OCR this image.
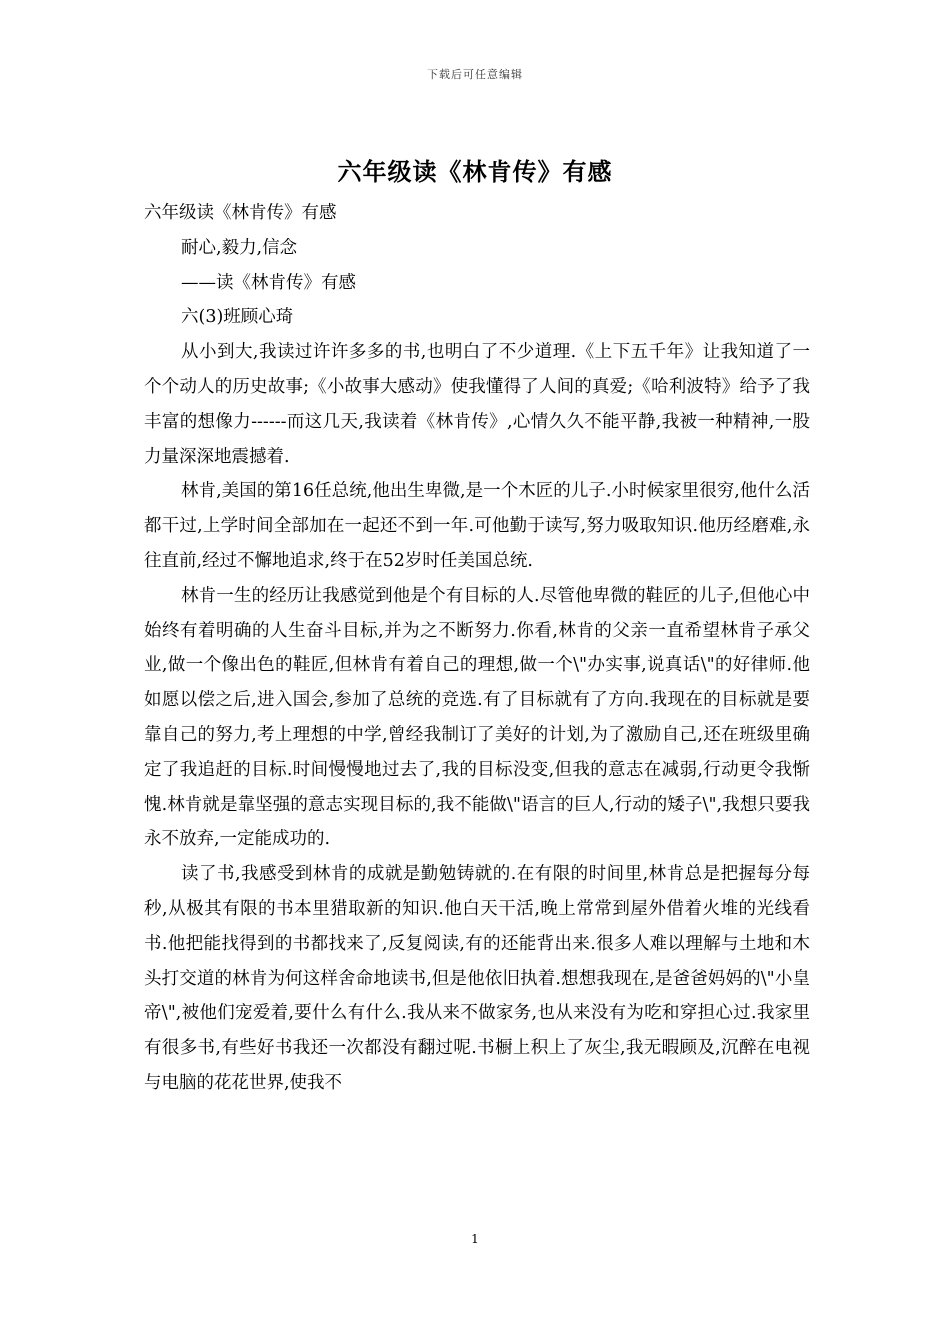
下载后可任意编辑
六年级读《林肯传》有感

六年级读《林肯传》有感

耐心,毅力,信念

——读《林肯传》有感

六(3)班顾心琦

从小到大,我读过许许多多的书,也明白了不少道理.《上下五千年》让我知道了一个个动人的历史故事;《小故事大感动》使我懂得了人间的真爱;《哈利波特》给予了我丰富的想像力------而这几天,我读着《林肯传》,心情久久不能平静,我被一种精神,一股力量深深地震撼着.

林肯,美国的第16任总统,他出生卑微,是一个木匠的儿子.小时候家里很穷,他什么活都干过,上学时间全部加在一起还不到一年.可他勤于读写,努力吸取知识.他历经磨难,永往直前,经过不懈地追求,终于在52岁时任美国总统.

林肯一生的经历让我感觉到他是个有目标的人.尽管他卑微的鞋匠的儿子,但他心中始终有着明确的人生奋斗目标,并为之不断努力.你看,林肯的父亲一直希望林肯子承父业,做一个像出色的鞋匠,但林肯有着自己的理想,做一个\"办实事,说真话\"的好律师.他如愿以偿之后,进入国会,参加了总统的竞选.有了目标就有了方向.我现在的目标就是要靠自己的努力,考上理想的中学,曾经我制订了美好的计划,为了激励自己,还在班级里确定了我追赶的目标.时间慢慢地过去了,我的目标没变,但我的意志在减弱,行动更令我惭愧.林肯就是靠坚强的意志实现目标的,我不能做\"语言的巨人,行动的矮子\",我想只要我永不放弃,一定能成功的.

读了书,我感受到林肯的成就是勤勉铸就的.在有限的时间里,林肯总是把握每分每秒,从极其有限的书本里猎取新的知识.他白天干活,晚上常常到屋外借着火堆的光线看书.他把能找得到的书都找来了,反复阅读,有的还能背出来.很多人难以理解与土地和木头打交道的林肯为何这样舍命地读书,但是他依旧执着.想想我现在,是爸爸妈妈的\"小皇帝\",被他们宠爱着,要什么有什么.我从来不做家务,也从来没有为吃和穿担心过.我家里有很多书,有些好书我还一次都没有翻过呢.书橱上积上了灰尘,我无暇顾及,沉醉在电视与电脑的花花世界,使我不

1
